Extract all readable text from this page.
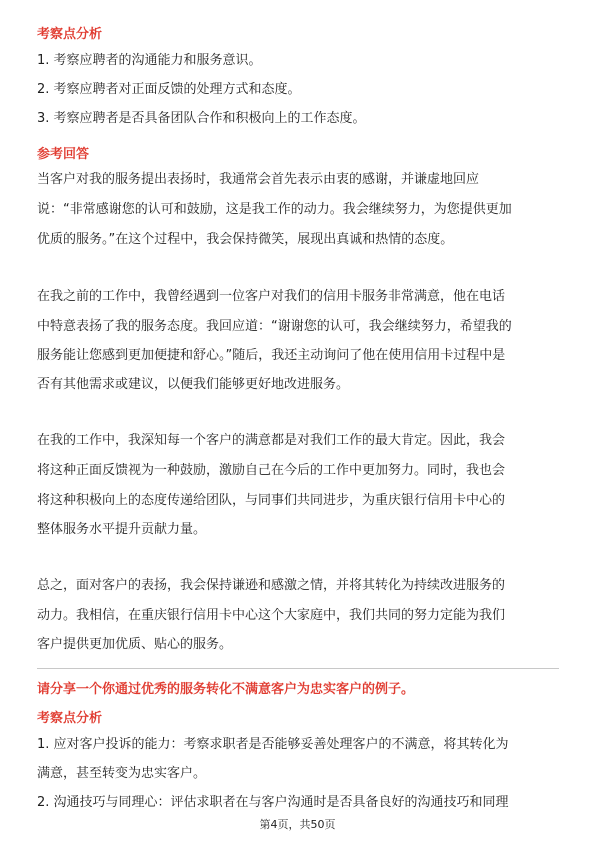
考察点分析
1. 考察应聘者的沟通能力和服务意识。
2. 考察应聘者对正面反馈的处理方式和态度。
3. 考察应聘者是否具备团队合作和积极向上的工作态度。
参考回答
当客户对我的服务提出表扬时，我通常会首先表示由衷的感谢，并谦虚地回应
说：“非常感谢您的认可和鼓励，这是我工作的动力。我会继续努力，为您提供更加
优质的服务。”在这个过程中，我会保持微笑，展现出真诚和热情的态度。
在我之前的工作中，我曾经遇到一位客户对我们的信用卡服务非常满意，他在电话
中特意表扬了我的服务态度。我回应道：“谢谢您的认可，我会继续努力，希望我的
服务能让您感到更加便捷和舒心。”随后，我还主动询问了他在使用信用卡过程中是
否有其他需求或建议，以便我们能够更好地改进服务。
在我的工作中，我深知每一个客户的满意都是对我们工作的最大肯定。因此，我会
将这种正面反馈视为一种鼓励，激励自己在今后的工作中更加努力。同时，我也会
将这种积极向上的态度传递给团队，与同事们共同进步，为重庆银行信用卡中心的
整体服务水平提升贡献力量。
总之，面对客户的表扬，我会保持谦逊和感激之情，并将其转化为持续改进服务的
动力。我相信，在重庆银行信用卡中心这个大家庭中，我们共同的努力定能为我们
客户提供更加优质、贴心的服务。
请分享一个你通过优秀的服务转化不满意客户为忠实客户的例子。
考察点分析
1. 应对客户投诉的能力：考察求职者是否能够妥善处理客户的不满意，将其转化为
满意，甚至转变为忠实客户。
2. 沟通技巧与同理心：评估求职者在与客户沟通时是否具备良好的沟通技巧和同理
第4页，共50页
